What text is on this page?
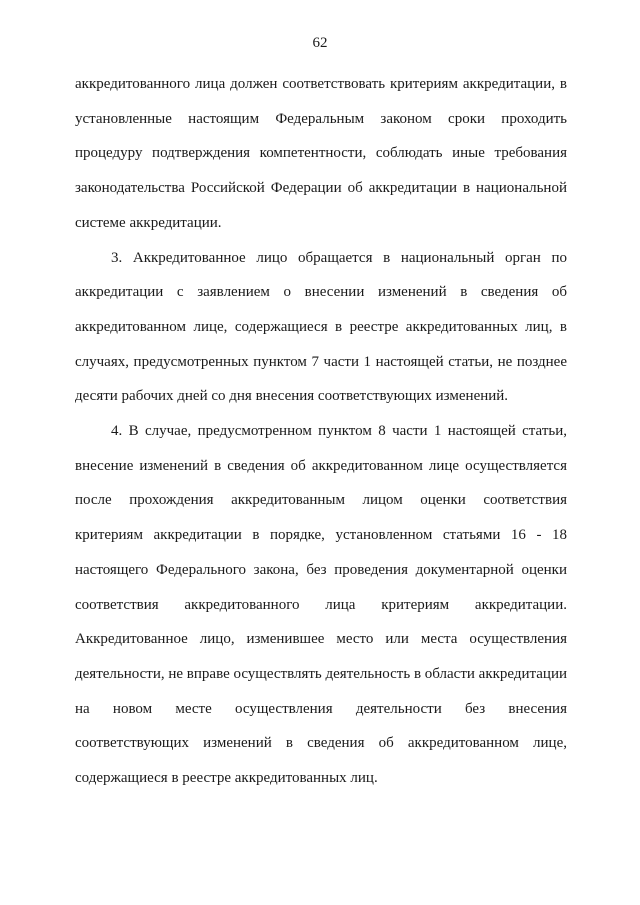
62

аккредитованного лица должен соответствовать критериям аккредитации, в установленные настоящим Федеральным законом сроки проходить процедуру подтверждения компетентности, соблюдать иные требования законодательства Российской Федерации об аккредитации в национальной системе аккредитации.

3. Аккредитованное лицо обращается в национальный орган по аккредитации с заявлением о внесении изменений в сведения об аккредитованном лице, содержащиеся в реестре аккредитованных лиц, в случаях, предусмотренных пунктом 7 части 1 настоящей статьи, не позднее десяти рабочих дней со дня внесения соответствующих изменений.

4. В случае, предусмотренном пунктом 8 части 1 настоящей статьи, внесение изменений в сведения об аккредитованном лице осуществляется после прохождения аккредитованным лицом оценки соответствия критериям аккредитации в порядке, установленном статьями 16 - 18 настоящего Федерального закона, без проведения документарной оценки соответствия аккредитованного лица критериям аккредитации. Аккредитованное лицо, изменившее место или места осуществления деятельности, не вправе осуществлять деятельность в области аккредитации на новом месте осуществления деятельности без внесения соответствующих изменений в сведения об аккредитованном лице, содержащиеся в реестре аккредитованных лиц.
